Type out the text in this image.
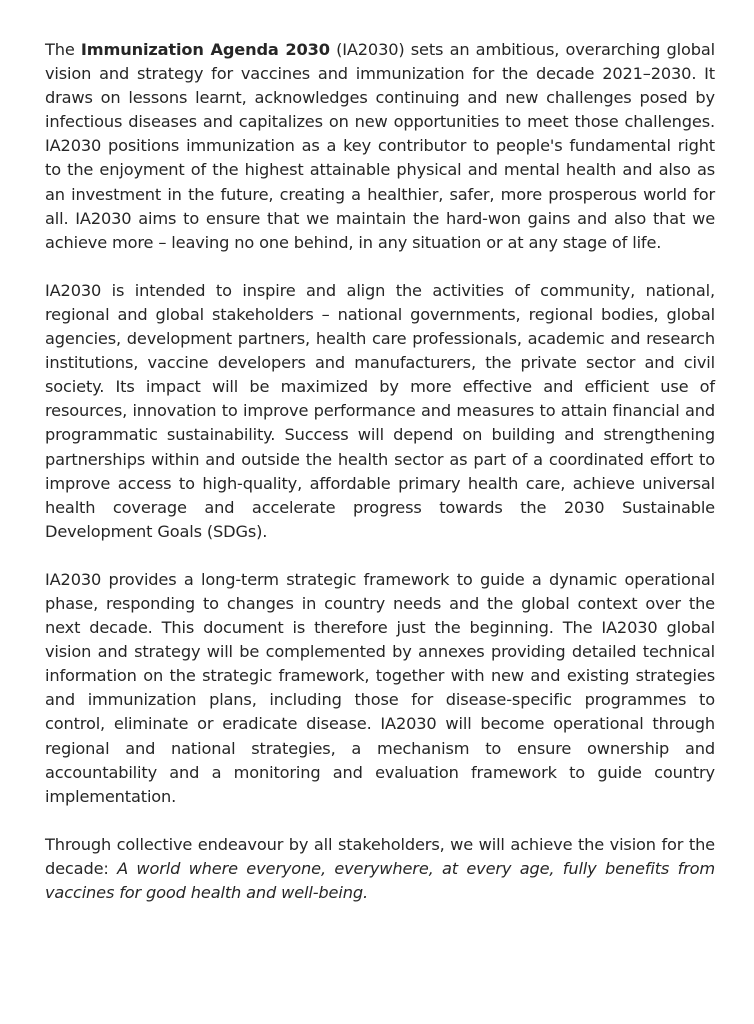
The Immunization Agenda 2030 (IA2030) sets an ambitious, overarching global vision and strategy for vaccines and immunization for the decade 2021–2030. It draws on lessons learnt, acknowledges continuing and new challenges posed by infectious diseases and capitalizes on new opportunities to meet those challenges. IA2030 positions immunization as a key contributor to people's fundamental right to the enjoyment of the highest attainable physical and mental health and also as an investment in the future, creating a healthier, safer, more prosperous world for all. IA2030 aims to ensure that we maintain the hard-won gains and also that we achieve more – leaving no one behind, in any situation or at any stage of life.

IA2030 is intended to inspire and align the activities of community, national, regional and global stakeholders – national governments, regional bodies, global agencies, development partners, health care professionals, academic and research institutions, vaccine developers and manufacturers, the private sector and civil society. Its impact will be maximized by more effective and efficient use of resources, innovation to improve performance and measures to attain financial and programmatic sustainability. Success will depend on building and strengthening partnerships within and outside the health sector as part of a coordinated effort to improve access to high-quality, affordable primary health care, achieve universal health coverage and accelerate progress towards the 2030 Sustainable Development Goals (SDGs).

IA2030 provides a long-term strategic framework to guide a dynamic operational phase, responding to changes in country needs and the global context over the next decade. This document is therefore just the beginning. The IA2030 global vision and strategy will be complemented by annexes providing detailed technical information on the strategic framework, together with new and existing strategies and immunization plans, including those for disease-specific programmes to control, eliminate or eradicate disease. IA2030 will become operational through regional and national strategies, a mechanism to ensure ownership and accountability and a monitoring and evaluation framework to guide country implementation.

Through collective endeavour by all stakeholders, we will achieve the vision for the decade: A world where everyone, everywhere, at every age, fully benefits from vaccines for good health and well-being.
